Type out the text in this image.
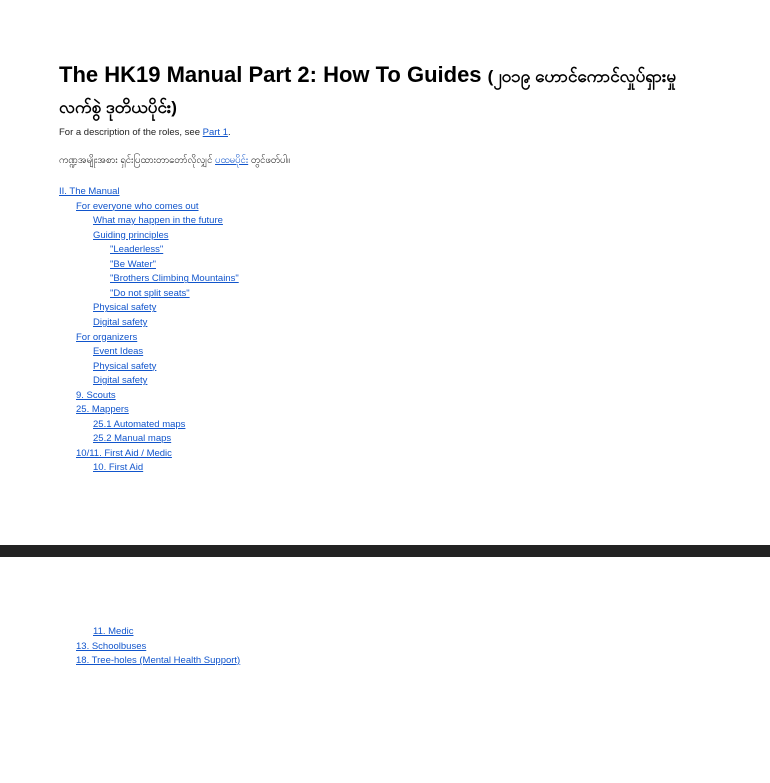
The HK19 Manual Part 2: How To Guides (၂၀၁၉ ဟောင်ကောင်လှုပ်ရှားမှု လက်စွဲ ဒုတိယပိုင်း)
For a description of the roles, see Part 1.
ကဏ္ဍအမျိုးအစား ရှင်းပြထားတာတော်လိုလျှင် ပထမပိုင်း တွင်ဖတ်ပါ။
II. The Manual
For everyone who comes out
What may happen in the future
Guiding principles
"Leaderless"
"Be Water"
"Brothers Climbing Mountains"
"Do not split seats"
Physical safety
Digital safety
For organizers
Event Ideas
Physical safety
Digital safety
9. Scouts
25. Mappers
25.1 Automated maps
25.2 Manual maps
10/11. First Aid / Medic
10. First Aid
11. Medic
13. Schoolbuses
18. Tree-holes (Mental Health Support)
